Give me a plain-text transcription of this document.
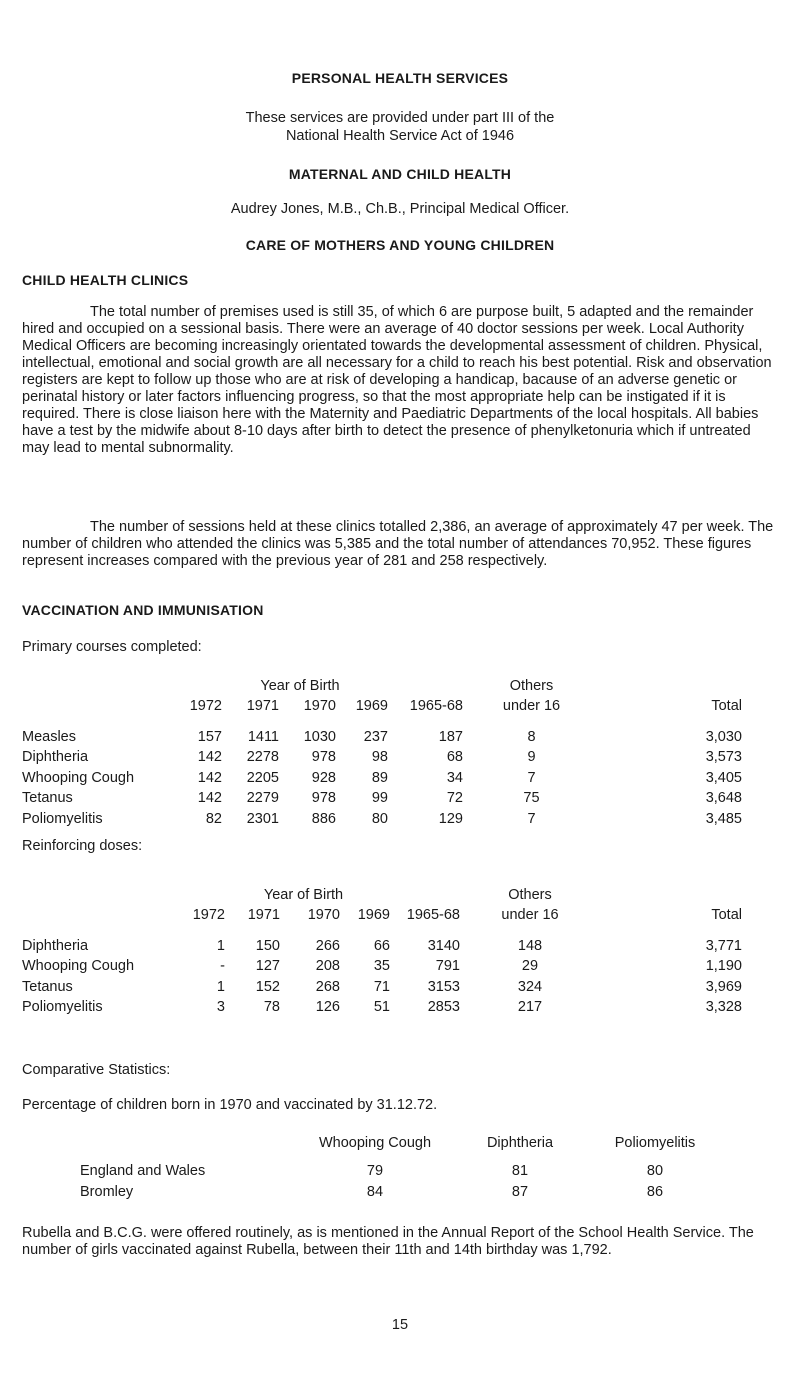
PERSONAL HEALTH SERVICES
These services are provided under part III of the
National Health Service Act of 1946
MATERNAL AND CHILD HEALTH
Audrey Jones, M.B., Ch.B., Principal Medical Officer.
CARE OF MOTHERS AND YOUNG CHILDREN
CHILD HEALTH CLINICS
The total number of premises used is still 35, of which 6 are purpose built, 5 adapted and the remainder hired and occupied on a sessional basis. There were an average of 40 doctor sessions per week. Local Authority Medical Officers are becoming increasingly orientated towards the developmental assessment of children. Physical, intellectual, emotional and social growth are all necessary for a child to reach his best potential. Risk and observation registers are kept to follow up those who are at risk of developing a handicap, bacause of an adverse genetic or perinatal history or later factors influencing progress, so that the most appropriate help can be instigated if it is required. There is close liaison here with the Maternity and Paediatric Departments of the local hospitals. All babies have a test by the midwife about 8-10 days after birth to detect the presence of phenylketonuria which if untreated may lead to mental subnormality.
The number of sessions held at these clinics totalled 2,386, an average of approximately 47 per week. The number of children who attended the clinics was 5,385 and the total number of attendances 70,952. These figures represent increases compared with the previous year of 281 and 258 respectively.
VACCINATION AND IMMUNISATION
Primary courses completed:
	Year of Birth					Others	
	1972	1971	1970	1969	1965-68	under 16	Total

Measles	157	1411	1030	237	187	8	3,030
Diphtheria	142	2278	978	98	68	9	3,573
Whooping Cough	142	2205	928	89	34	7	3,405
Tetanus	142	2279	978	99	72	75	3,648
Poliomyelitis	82	2301	886	80	129	7	3,485
Reinforcing doses:
	Year of Birth					Others	
	1972	1971	1970	1969	1965-68	under 16	Total

Diphtheria	1	150	266	66	3140	148	3,771
Whooping Cough	-	127	208	35	791	29	1,190
Tetanus	1	152	268	71	3153	324	3,969
Poliomyelitis	3	78	126	51	2853	217	3,328
Comparative Statistics:
Percentage of children born in 1970 and vaccinated by 31.12.72.
	Whooping Cough	Diphtheria	Poliomyelitis

England and Wales	79	81	80
Bromley	84	87	86
Rubella and B.C.G. were offered routinely, as is mentioned in the Annual Report of the School Health Service. The number of girls vaccinated against Rubella, between their 11th and 14th birthday was 1,792.
15
